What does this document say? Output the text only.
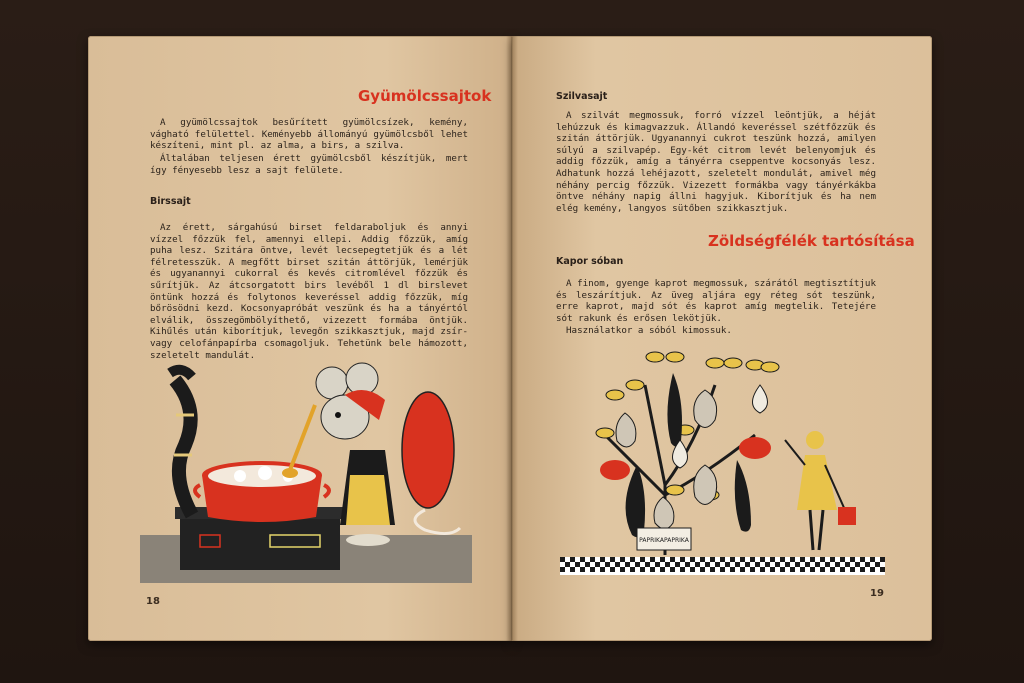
Gyümölcssajtok

A gyümölcssajtok besűrített gyümölcsízek, kemény, vágható felülettel. Keményebb állományú gyümölcsből lehet készíteni, mint pl. az alma, a birs, a szilva.

Általában teljesen érett gyümölcsből készítjük, mert így fényesebb lesz a sajt felülete.

Birssajt

Az érett, sárgahúsú birset feldaraboljuk és annyi vízzel főzzük fel, amennyi ellepi. Addig főzzük, amíg puha lesz. Szitára öntve, levét lecsepegtetjük és a lét félretesszük. A megfőtt birset szitán áttörjük, lemérjük és ugyanannyi cukorral és kevés citromlével főzzük és sűrítjük. Az átcsorgatott birs levéből 1 dl birslevet öntünk hozzá és folytonos keveréssel addig főzzük, míg bőrösödni kezd. Kocsonyapróbát veszünk és ha a tányértól elválik, összegömbölyíthető, vizezett formába öntjük. Kihűlés után kiborítjuk, levegőn szikkasztjuk, majd zsír- vagy celofánpapírba csomagoljuk. Tehetünk bele hámozott, szeletelt mandulát.

18
Szilvasajt

A szilvát megmossuk, forró vízzel leöntjük, a héját lehúzzuk és kimagvazzuk. Állandó keveréssel szétfőzzük és szitán áttörjük. Ugyanannyi cukrot teszünk hozzá, amilyen súlyú a szilvapép. Egy-két citrom levét belenyomjuk és addig főzzük, amíg a tányérra cseppentve kocsonyás lesz. Adhatunk hozzá lehéjazott, szeletelt mondulát, amivel még néhány percig főzzük. Vizezett formákba vagy tányérkákba öntve néhány napig állni hagyjuk. Kiborítjuk és ha nem elég kemény, langyos sütőben szikkasztjuk.

Zöldségfélék tartósítása
Kapor sóban

A finom, gyenge kaprot megmossuk, szárától megtisztítjuk és leszárítjuk. Az üveg aljára egy réteg sót teszünk, erre kaprot, majd sót és kaprot amíg megtelik. Tetejére sót rakunk és erősen lekötjük.

Használatkor a sóból kimossuk.

19
PAPRIKAPAPRIKA
